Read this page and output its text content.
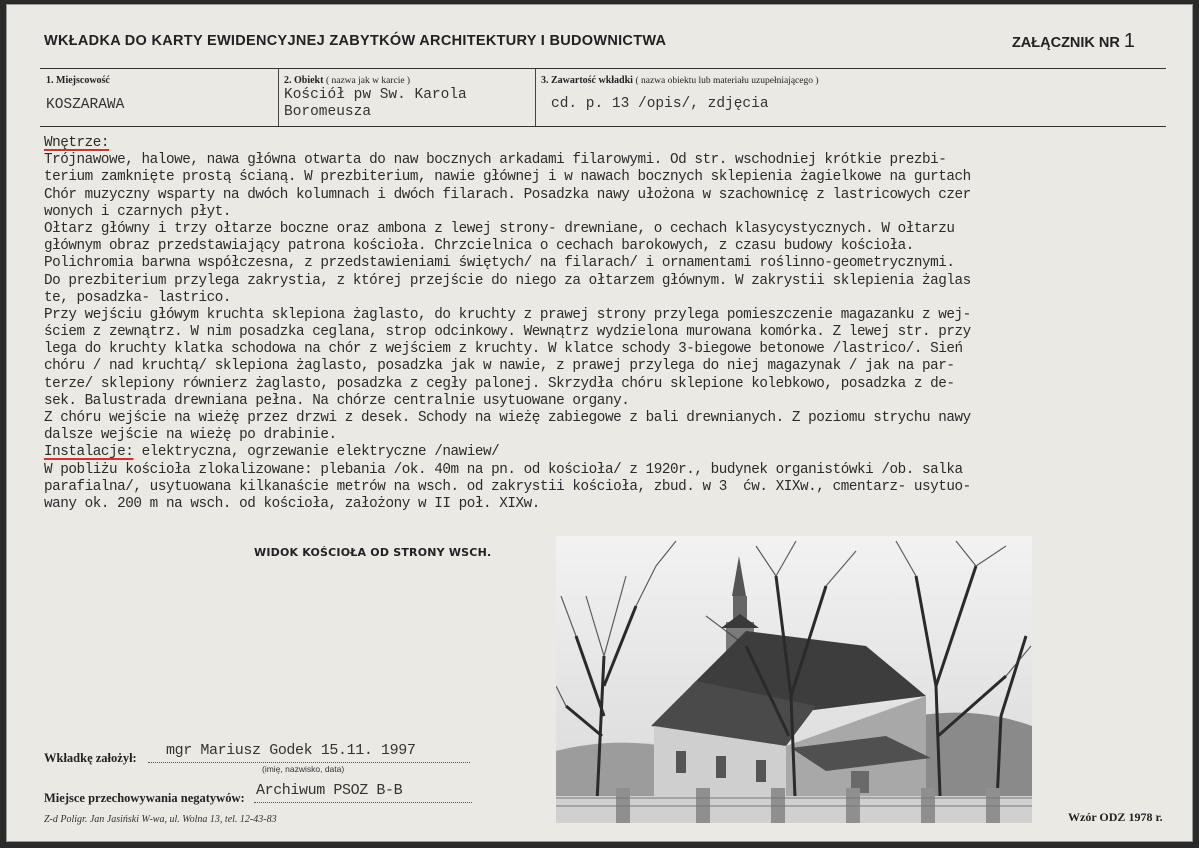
WKŁADKA DO KARTY EWIDENCYJNEJ ZABYTKÓW ARCHITEKTURY I BUDOWNICTWA	ZAŁĄCZNIK NR 1
1. Miejscowość
KOSZARAWA
2. Obiekt ( nazwa jak w karcie )
Kościół pw Sw. Karola
Boromeusza
3. Zawartość wkładki ( nazwa obiektu lub materiału uzupełniającego )
cd. p. 13 /opis/, zdjęcia
Wnętrze:
Trójnawowe, halowe, nawa główna otwarta do naw bocznych arkadami filarowymi. Od str. wschodniej krótkie prezbi-
terium zamknięte prostą ścianą. W prezbiterium, nawie głównej i w nawach bocznych sklepienia żagielkowe na gurtach
Chór muzyczny wsparty na dwóch kolumnach i dwóch filarach. Posadzka nawy ułożona w szachownicę z lastricowych czer
wonych i czarnych płyt.
Ołtarz główny i trzy ołtarze boczne oraz ambona z lewej strony- drewniane, o cechach klasycystycznych. W ołtarzu
głównym obraz przedstawiający patrona kościoła. Chrzcielnica o cechach barokowych, z czasu budowy kościoła.
Polichromia barwna współczesna, z przedstawieniami świętych/ na filarach/ i ornamentami roślinno-geometrycznymi.
Do prezbiterium przylega zakrystia, z której przejście do niego za ołtarzem głównym. W zakrystii sklepienia żaglas
te, posadzka- lastrico.
Przy wejściu główym kruchta sklepiona żaglasto, do kruchty z prawej strony przylega pomieszczenie magazanku z wej-
ściem z zewnątrz. W nim posadzka ceglana, strop odcinkowy. Wewnątrz wydzielona murowana komórka. Z lewej str. przy
lega do kruchty klatka schodowa na chór z wejściem z kruchty. W klatce schody 3-biegowe betonowe /lastrico/. Sień
chóru / nad kruchtą/ sklepiona żaglasto, posadzka jak w nawie, z prawej przylega do niej magazynak / jak na par-
terze/ sklepiony równierz żaglasto, posadzka z cegły palonej. Skrzydła chóru sklepione kolebkowo, posadzka z de-
sek. Balustrada drewniana pełna. Na chórze centralnie usytuowane organy.
Z chóru wejście na wieżę przez drzwi z desek. Schody na wieżę zabiegowe z bali drewnianych. Z poziomu strychu nawy
dalsze wejście na wieżę po drabinie.
Instalacje: elektryczna, ogrzewanie elektryczne /nawiew/
W pobliżu kościoła zlokalizowane: plebania /ok. 40m na pn. od kościoła/ z 1920r., budynek organistówki /ob. salka
parafialna/, usytuowana kilkanaście metrów na wsch. od zakrystii kościoła, zbud. w 3  ćw. XIXw., cmentarz- usytuo-
wany ok. 200 m na wsch. od kościoła, założony w II poł. XIXw.
WIDOK KOŚCIOŁA OD STRONY WSCH.
Wkładkę założył: mgr Mariusz Godek 15.11. 1997
(imię, nazwisko, data)
Miejsce przechowywania negatywów: Archiwum PSOZ B-B
Z-d Poligr. Jan Jasiński W-wa, ul. Wolna 13, tel. 12-43-83	Wzór ODZ 1978 r.
